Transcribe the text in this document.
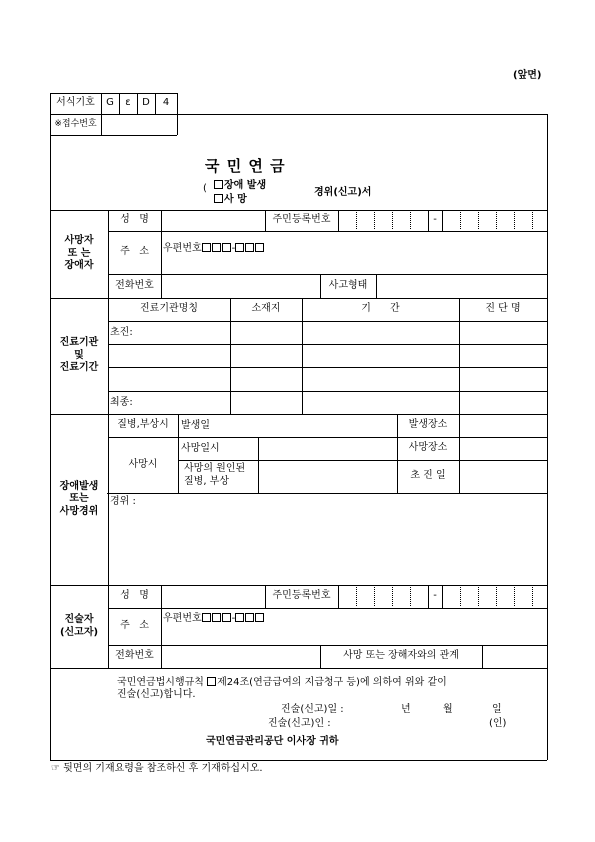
(앞면)
서식기호	G	ε	D	4
※접수번호
국 민 연 금
(	장애 발생
사 망
경위(신고)서
사망자
또 는
장애자
성   명	주민등록번호	-
주   소	우편번호	-
전화번호	사고형태
진료기관
및
진료기간
진료기관명칭	소재지	기      간	진 단 명
초진:
최종:
장애발생
또는
사망경위
질병,부상시	발생일	발생장소
사망시
사망일시	사망장소
사망의 원인된
질병, 부상	초 진 일
경위 :
진술자
(신고자)
성   명	주민등록번호	-
주   소
우편번호	-
전화번호	사망 또는 장해자와의 관계
국민연금법시행규칙 제24조(연금급여의 지급청구 등)에 의하여 위와 같이
진술(신고)합니다.
진술(신고)일 :	년	월	일
진술(신고)인 :	(인)
국민연금관리공단 이사장 귀하
☞ 뒷면의 기재요령을 참조하신 후 기재하십시오.
